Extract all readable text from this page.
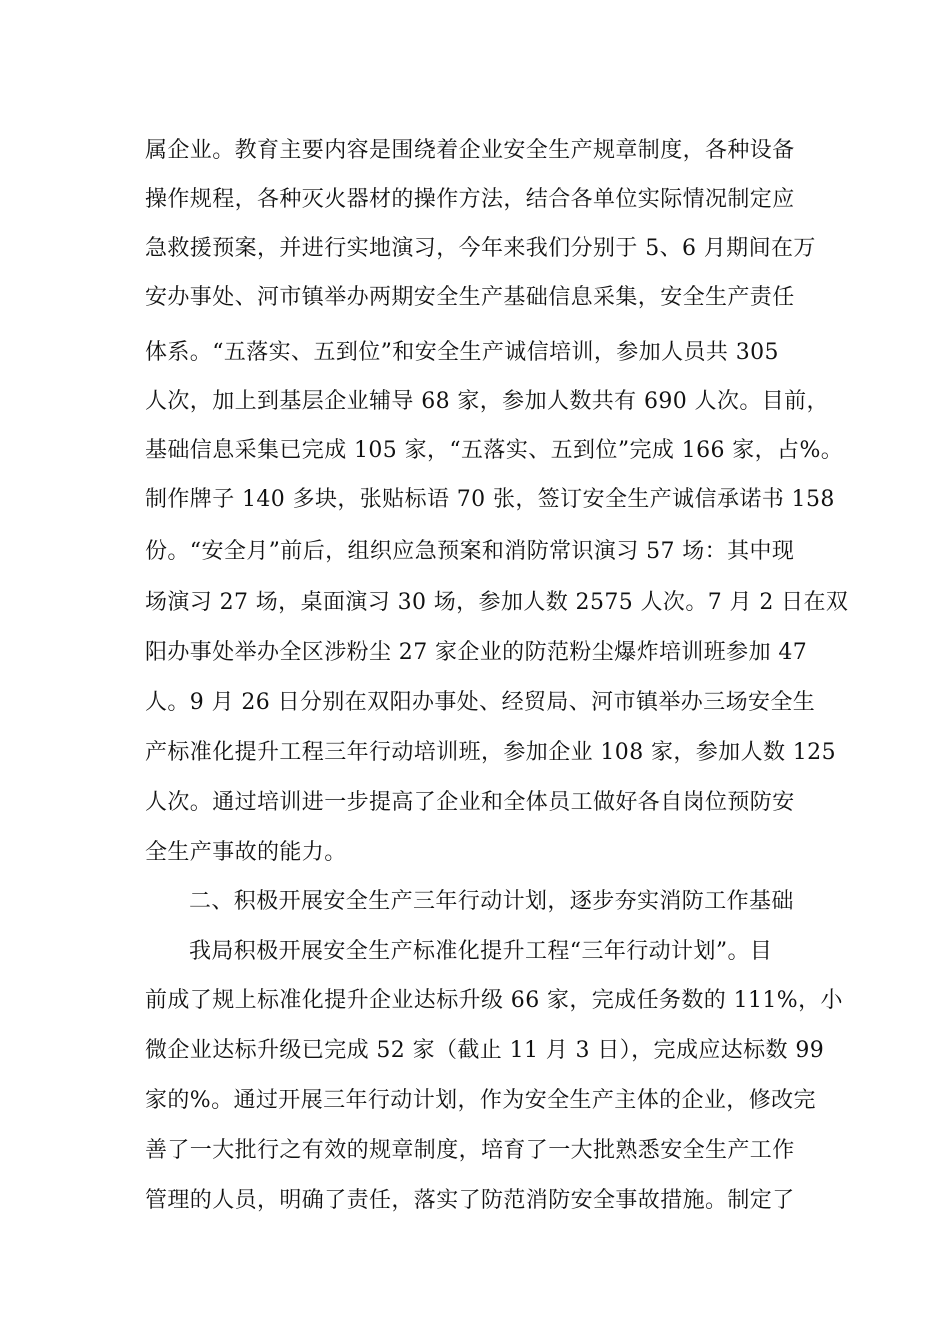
属企业。教育主要内容是围绕着企业安全生产规章制度，各种设备
操作规程，各种灭火器材的操作方法，结合各单位实际情况制定应
急救援预案，并进行实地演习，今年来我们分别于 5、6 月期间在万
安办事处、河市镇举办两期安全生产基础信息采集，安全生产责任
体系。“五落实、五到位”和安全生产诚信培训，参加人员共 305
人次，加上到基层企业辅导 68 家，参加人数共有 690 人次。目前，
基础信息采集已完成 105 家，“五落实、五到位”完成 166 家，占%。
制作牌子 140 多块，张贴标语 70 张，签订安全生产诚信承诺书 158
份。“安全月”前后，组织应急预案和消防常识演习 57 场：其中现
场演习 27 场，桌面演习 30 场，参加人数 2575 人次。7 月 2 日在双
阳办事处举办全区涉粉尘 27 家企业的防范粉尘爆炸培训班参加 47
人。9 月 26 日分别在双阳办事处、经贸局、河市镇举办三场安全生
产标准化提升工程三年行动培训班，参加企业 108 家，参加人数 125
人次。通过培训进一步提高了企业和全体员工做好各自岗位预防安
全生产事故的能力。
二、积极开展安全生产三年行动计划，逐步夯实消防工作基础
我局积极开展安全生产标准化提升工程“三年行动计划”。目
前成了规上标准化提升企业达标升级 66 家，完成任务数的 111%，小
微企业达标升级已完成 52 家（截止 11 月 3 日），完成应达标数 99
家的%。通过开展三年行动计划，作为安全生产主体的企业，修改完
善了一大批行之有效的规章制度，培育了一大批熟悉安全生产工作
管理的人员，明确了责任，落实了防范消防安全事故措施。制定了
